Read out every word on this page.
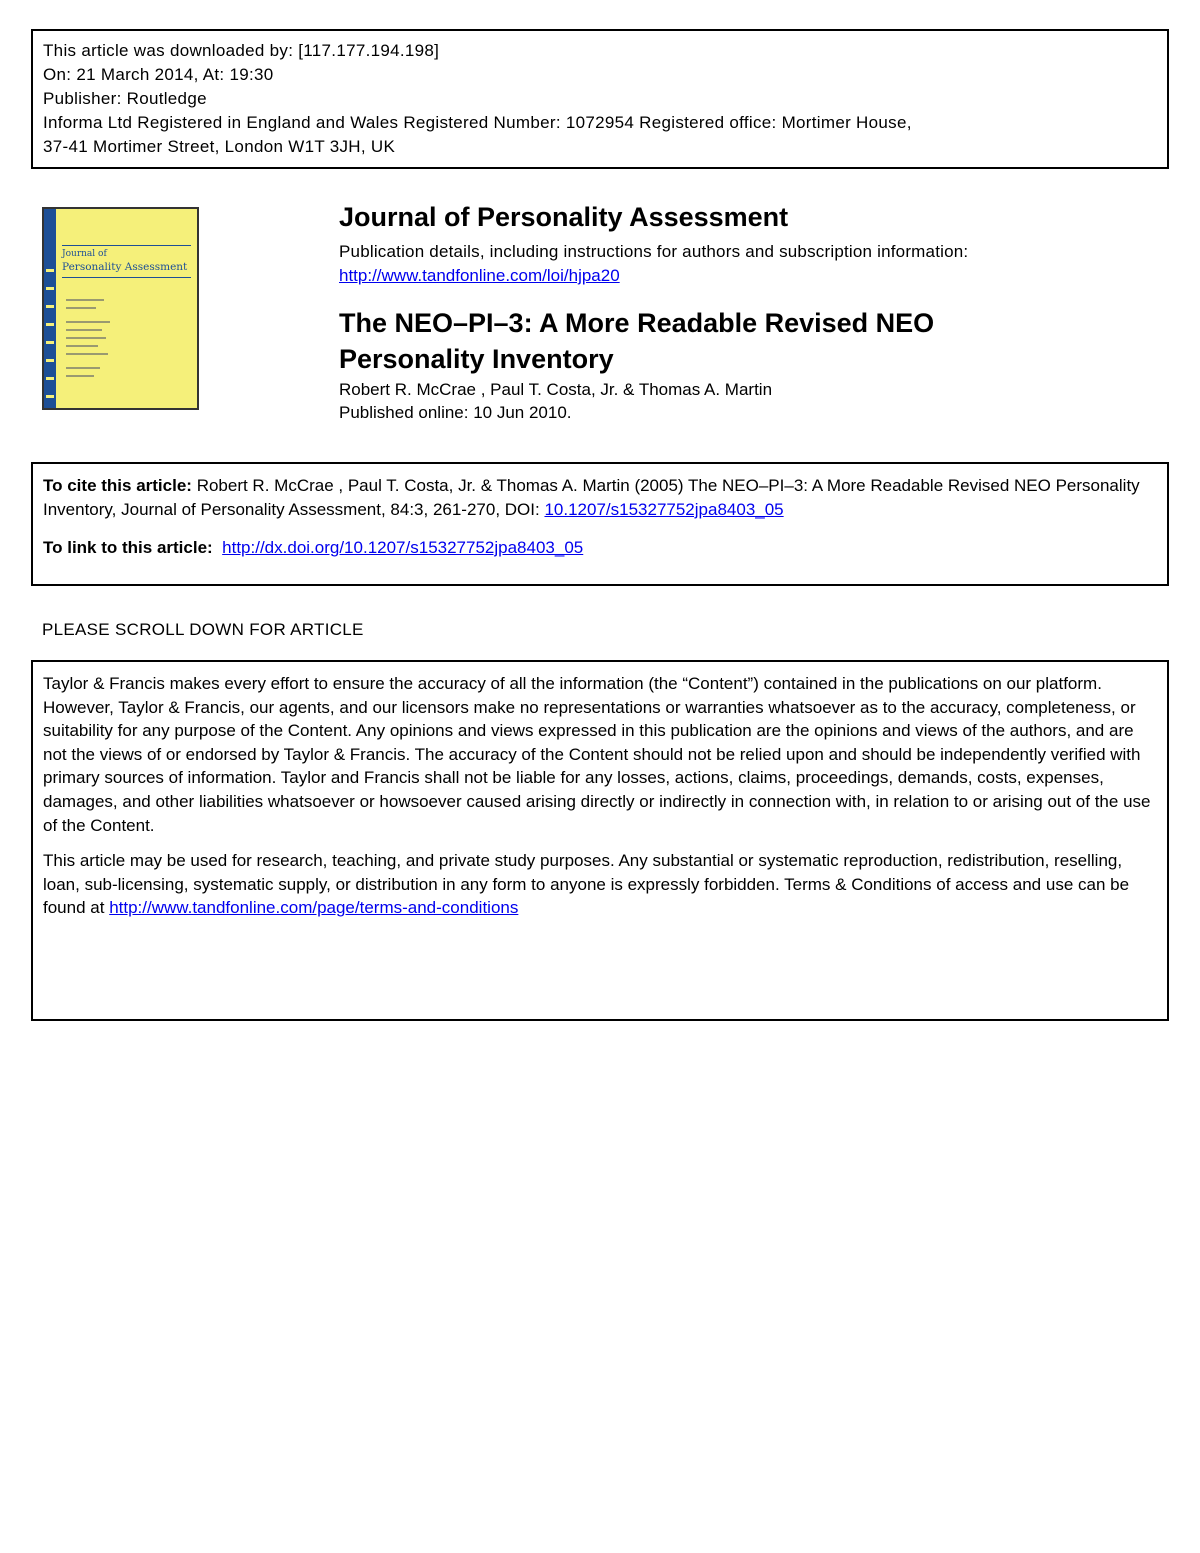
This article was downloaded by: [117.177.194.198]
On: 21 March 2014, At: 19:30
Publisher: Routledge
Informa Ltd Registered in England and Wales Registered Number: 1072954 Registered office: Mortimer House,
37-41 Mortimer Street, London W1T 3JH, UK
Journal of
Personality Assessment
Journal of Personality Assessment
Publication details, including instructions for authors and subscription information:
http://www.tandfonline.com/loi/hjpa20
The NEO–PI–3: A More Readable Revised NEO Personality Inventory
Robert R. McCrae , Paul T. Costa, Jr. & Thomas A. Martin
Published online: 10 Jun 2010.
To cite this article: Robert R. McCrae , Paul T. Costa, Jr. & Thomas A. Martin (2005) The NEO–PI–3: A More Readable Revised NEO Personality Inventory, Journal of Personality Assessment, 84:3, 261-270, DOI: 10.1207/s15327752jpa8403_05
To link to this article: http://dx.doi.org/10.1207/s15327752jpa8403_05
PLEASE SCROLL DOWN FOR ARTICLE
Taylor & Francis makes every effort to ensure the accuracy of all the information (the “Content”) contained in the publications on our platform. However, Taylor & Francis, our agents, and our licensors make no representations or warranties whatsoever as to the accuracy, completeness, or suitability for any purpose of the Content. Any opinions and views expressed in this publication are the opinions and views of the authors, and are not the views of or endorsed by Taylor & Francis. The accuracy of the Content should not be relied upon and should be independently verified with primary sources of information. Taylor and Francis shall not be liable for any losses, actions, claims, proceedings, demands, costs, expenses, damages, and other liabilities whatsoever or howsoever caused arising directly or indirectly in connection with, in relation to or arising out of the use of the Content.
This article may be used for research, teaching, and private study purposes. Any substantial or systematic reproduction, redistribution, reselling, loan, sub-licensing, systematic supply, or distribution in any form to anyone is expressly forbidden. Terms & Conditions of access and use can be found at http://www.tandfonline.com/page/terms-and-conditions
